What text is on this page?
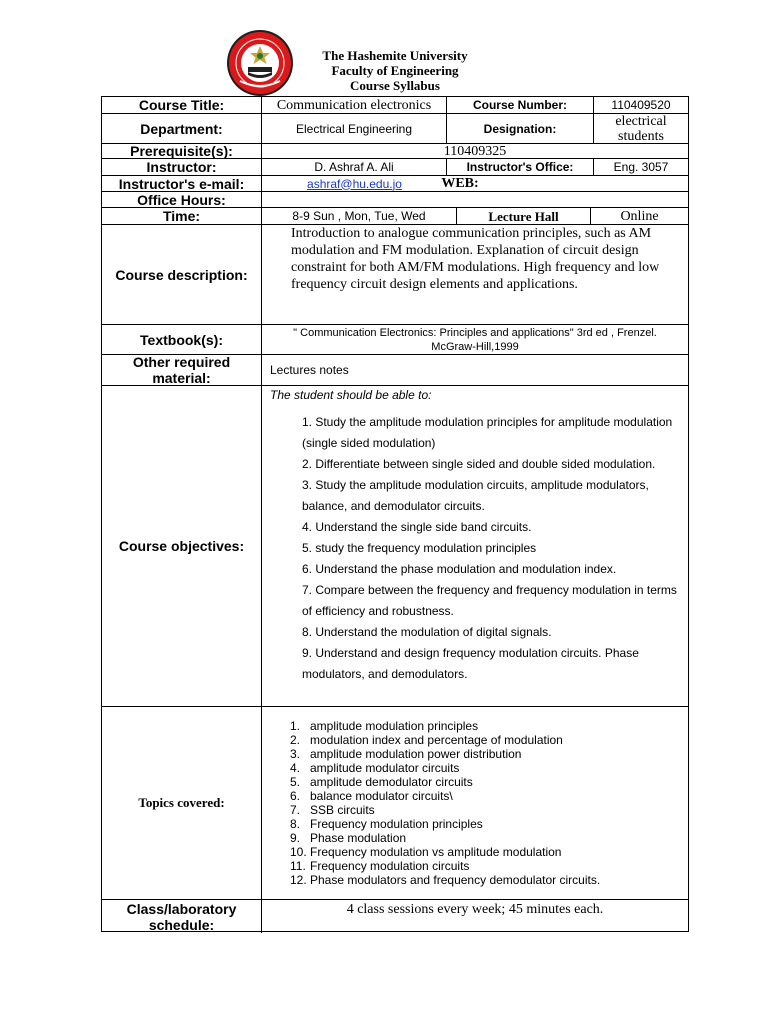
The Hashemite University
Faculty of Engineering
Course Syllabus
Course Title:	Communication electronics	Course Number:	110409520
Department:	Electrical Engineering	Designation:	electrical students
Prerequisite(s):	110409325
Instructor:	D. Ashraf A. Ali	Instructor's Office:	Eng. 3057
Instructor's e-mail:	ashraf@hu.edu.jo	WEB:
Office Hours:
Time:	8-9 Sun , Mon, Tue, Wed	Lecture Hall	Online
Course description:
Introduction to analogue communication principles, such as AM modulation and FM modulation. Explanation of circuit design constraint for both AM/FM modulations. High frequency and low frequency circuit design elements and applications.
Textbook(s):	" Communication Electronics: Principles and applications" 3rd ed , Frenzel. McGraw-Hill,1999
Other required material:	Lectures notes
Course objectives:

The student should be able to:

1. Study the amplitude modulation principles for amplitude modulation (single sided modulation)

2. Differentiate between single sided and double sided modulation.

3. Study the amplitude modulation circuits, amplitude modulators, balance, and demodulator circuits.

4. Understand the single side band circuits.

5. study the frequency modulation principles

6. Understand the phase modulation and modulation index.

7. Compare between the frequency and frequency modulation in terms of efficiency and robustness.

8. Understand the modulation of digital signals.

9. Understand and design frequency modulation circuits. Phase modulators, and demodulators.

Topics covered:
1. amplitude modulation principles
2. modulation index and percentage of modulation
3. amplitude modulation power distribution
4. amplitude modulator circuits
5. amplitude demodulator circuits
6. balance modulator circuits\
7. SSB circuits
8. Frequency modulation principles
9. Phase modulation
10. Frequency modulation vs amplitude modulation
11. Frequency modulation circuits
12. Phase modulators and frequency demodulator circuits.
Class/laboratory schedule:
4 class sessions every week; 45 minutes each.
